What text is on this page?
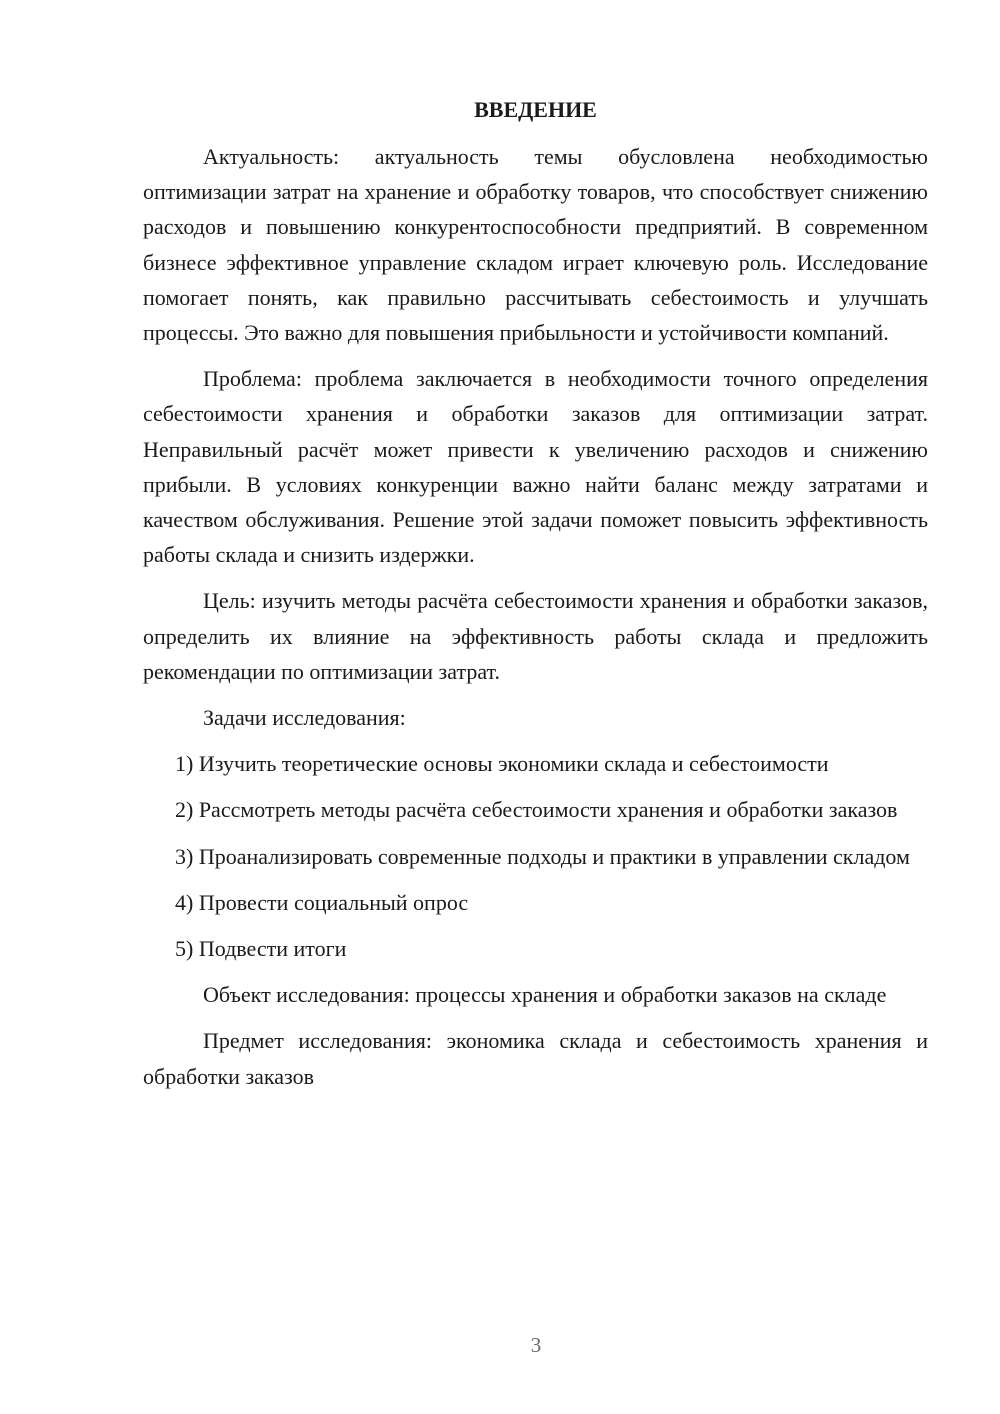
ВВЕДЕНИЕ

Актуальность: актуальность темы обусловлена необходимостью оптимизации затрат на хранение и обработку товаров, что способствует снижению расходов и повышению конкурентоспособности предприятий. В современном бизнесе эффективное управление складом играет ключевую роль. Исследование помогает понять, как правильно рассчитывать себестоимость и улучшать процессы. Это важно для повышения прибыльности и устойчивости компаний.

Проблема: проблема заключается в необходимости точного определения себестоимости хранения и обработки заказов для оптимизации затрат. Неправильный расчёт может привести к увеличению расходов и снижению прибыли. В условиях конкуренции важно найти баланс между затратами и качеством обслуживания. Решение этой задачи поможет повысить эффективность работы склада и снизить издержки.

Цель: изучить методы расчёта себестоимости хранения и обработки заказов, определить их влияние на эффективность работы склада и предложить рекомендации по оптимизации затрат.

Задачи исследования:

1) Изучить теоретические основы экономики склада и себестоимости

2) Рассмотреть методы расчёта себестоимости хранения и обработки заказов

3) Проанализировать современные подходы и практики в управлении складом

4) Провести социальный опрос

5) Подвести итоги

Объект исследования: процессы хранения и обработки заказов на складе

Предмет исследования: экономика склада и себестоимость хранения и обработки заказов

3
